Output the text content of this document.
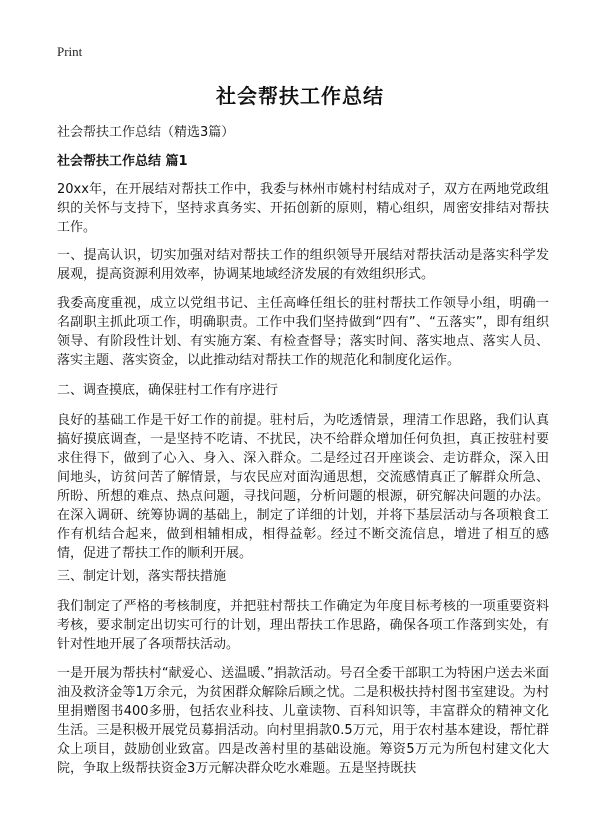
Print
社会帮扶工作总结

社会帮扶工作总结（精选3篇）

社会帮扶工作总结 篇1

20xx年，在开展结对帮扶工作中，我委与林州市姚村村结成对子，双方在两地党政组织的关怀与支持下，坚持求真务实、开拓创新的原则，精心组织，周密安排结对帮扶工作。

一、提高认识，切实加强对结对帮扶工作的组织领导开展结对帮扶活动是落实科学发展观，提高资源利用效率，协调某地域经济发展的有效组织形式。

我委高度重视，成立以党组书记、主任高峰任组长的驻村帮扶工作领导小组，明确一名副职主抓此项工作，明确职责。工作中我们坚持做到“四有”、“五落实”，即有组织领导、有阶段性计划、有实施方案、有检查督导；落实时间、落实地点、落实人员、落实主题、落实资金，以此推动结对帮扶工作的规范化和制度化运作。

二、调查摸底，确保驻村工作有序进行

良好的基础工作是干好工作的前提。驻村后，为吃透情景，理清工作思路，我们认真搞好摸底调查，一是坚持不吃请、不扰民，决不给群众增加任何负担，真正按驻村要求住得下，做到了心入、身入、深入群众。二是经过召开座谈会、走访群众，深入田间地头，访贫问苦了解情景，与农民应对面沟通思想，交流感情真正了解群众所急、所盼、所想的难点、热点问题，寻找问题，分析问题的根源，研究解决问题的办法。在深入调研、统筹协调的基础上，制定了详细的计划，并将下基层活动与各项粮食工作有机结合起来，做到相辅相成，相得益彰。经过不断交流信息，增进了相互的感情，促进了帮扶工作的顺利开展。

三、制定计划，落实帮扶措施

我们制定了严格的考核制度，并把驻村帮扶工作确定为年度目标考核的一项重要资料考核，要求制定出切实可行的计划，理出帮扶工作思路，确保各项工作落到实处，有针对性地开展了各项帮扶活动。

一是开展为帮扶村“献爱心、送温暖、”捐款活动。号召全委干部职工为特困户送去米面油及救济金等1万余元，为贫困群众解除后顾之忧。二是积极扶持村图书室建设。为村里捐赠图书400多册，包括农业科技、儿童读物、百科知识等，丰富群众的精神文化生活。三是积极开展党员募捐活动。向村里捐款0.5万元，用于农村基本建设，帮忙群众上项目，鼓励创业致富。四是改善村里的基础设施。筹资5万元为所包村建文化大院，争取上级帮扶资金3万元解决群众吃水难题。五是坚持既扶
